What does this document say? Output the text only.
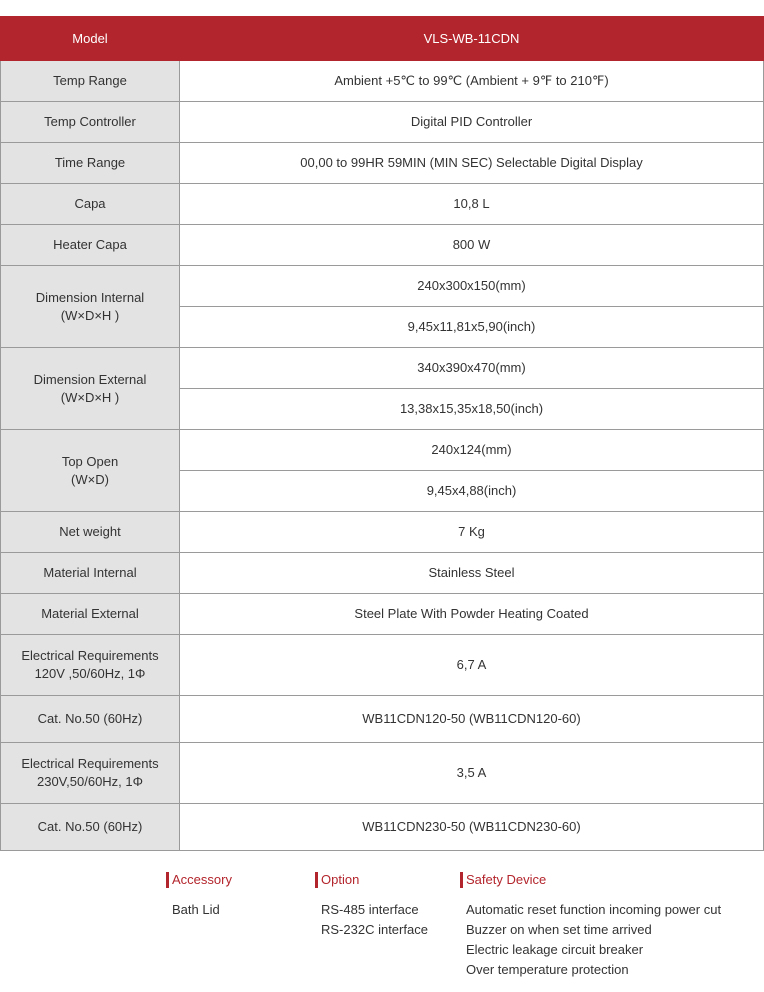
Model	VLS-WB-11CDN

Temp Range	Ambient +5℃ to 99℃ (Ambient + 9℉ to 210℉)

Temp Controller	Digital PID Controller

Time Range	00,00 to 99HR 59MIN (MIN SEC) Selectable Digital Display

Capa	10,8 L

Heater Capa	800 W

Dimension Internal
(W×D×H )	240x300x150(mm)
	9,45x11,81x5,90(inch)

Dimension External
(W×D×H )	340x390x470(mm)
	13,38x15,35x18,50(inch)

Top Open
(W×D)	240x124(mm)
	9,45x4,88(inch)

Net weight	7 Kg

Material Internal	Stainless Steel

Material External	Steel Plate With Powder Heating Coated

Electrical Requirements
120V ,50/60Hz, 1Φ	6,7 A

Cat. No.50 (60Hz)	WB11CDN120-50 (WB11CDN120-60)

Electrical Requirements
230V,50/60Hz, 1Φ	3,5 A

Cat. No.50 (60Hz)	WB11CDN230-50 (WB11CDN230-60)
Accessory
Bath Lid
Option
RS-485 interface
RS-232C interface
Safety Device
Automatic reset function incoming power cut
Buzzer on when set time arrived
Electric leakage circuit breaker
Over temperature protection
